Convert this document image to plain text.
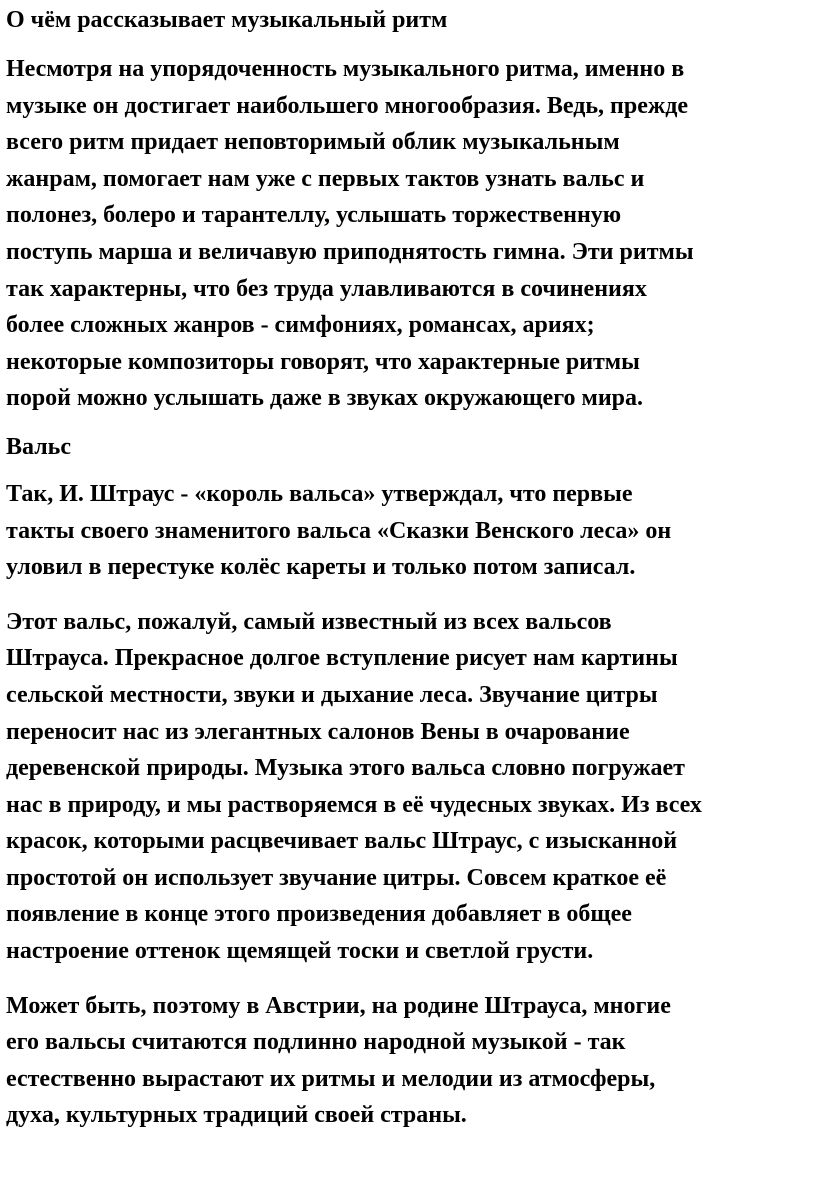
О чём рассказывает музыкальный ритм

Несмотря на упорядоченность музыкального ритма, именно в
музыке он достигает наибольшего многообразия. Ведь, прежде
всего ритм придает неповторимый облик музыкальным
жанрам, помогает нам уже с первых тактов узнать вальс и
полонез, болеро и тарантеллу, услышать торжественную
поступь марша и величавую приподнятость гимна. Эти ритмы
так характерны, что без труда улавливаются в сочинениях
более сложных жанров - симфониях, романсах, ариях;
некоторые композиторы говорят, что характерные ритмы
порой можно услышать даже в звуках окружающего мира.

Вальс

Так, И. Штраус - «король вальса» утверждал, что первые
такты своего знаменитого вальса «Сказки Венского леса» он
уловил в перестуке колёс кареты и только потом записал.

Этот вальс, пожалуй, самый известный из всех вальсов
Штрауса. Прекрасное долгое вступление рисует нам картины
сельской местности, звуки и дыхание леса. Звучание цитры
переносит нас из элегантных салонов Вены в очарование
деревенской природы. Музыка этого вальса словно погружает
нас в природу, и мы растворяемся в её чудесных звуках. Из всех
красок, которыми расцвечивает вальс Штраус, с изысканной
простотой он использует звучание цитры. Совсем краткое её
появление в конце этого произведения добавляет в общее
настроение оттенок щемящей тоски и светлой грусти.

Может быть, поэтому в Австрии, на родине Штрауса, многие
его вальсы считаются подлинно народной музыкой - так
естественно вырастают их ритмы и мелодии из атмосферы,
духа, культурных традиций своей страны.
